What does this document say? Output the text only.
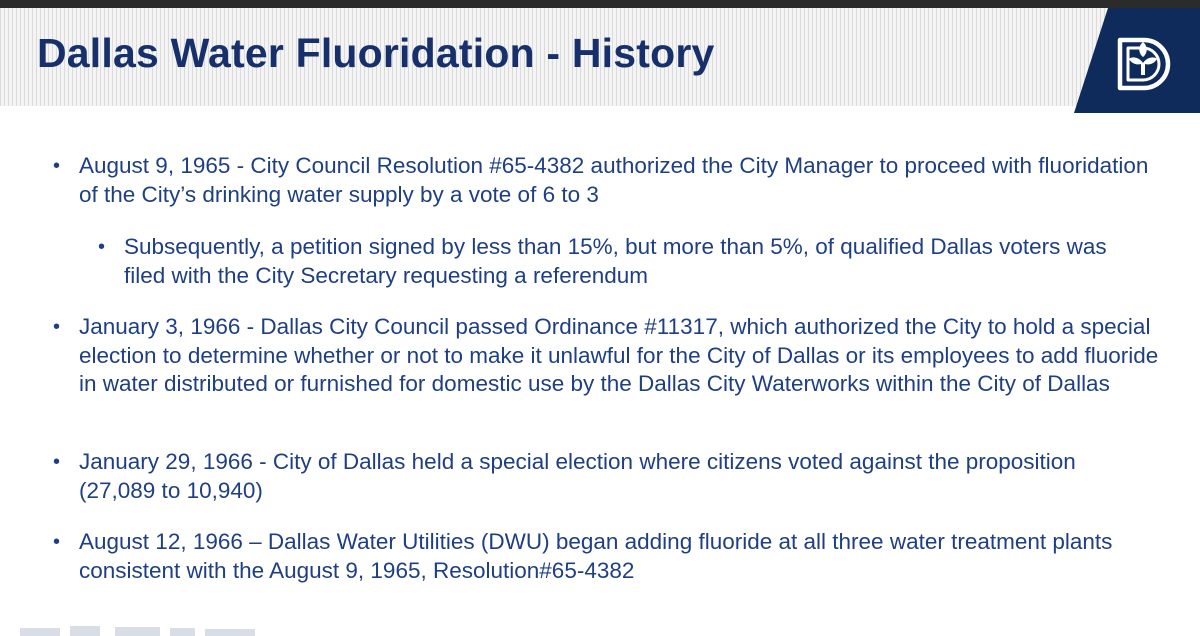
Dallas Water Fluoridation - History
• August 9, 1965 - City Council Resolution #65-4382 authorized the City Manager to proceed with fluoridation of the City’s drinking water supply by a vote of 6 to 3
• Subsequently, a petition signed by less than 15%, but more than 5%, of qualified Dallas voters was filed with the City Secretary requesting a referendum
• January 3, 1966 - Dallas City Council passed Ordinance #11317, which authorized the City to hold a special election to determine whether or not to make it unlawful for the City of Dallas or its employees to add fluoride in water distributed or furnished for domestic use by the Dallas City Waterworks within the City of Dallas
• January 29, 1966 - City of Dallas held a special election where citizens voted against the proposition (27,089 to 10,940)
• August 12, 1966 – Dallas Water Utilities (DWU) began adding fluoride at all three water treatment plants consistent with the August 9, 1965, Resolution#65-4382
